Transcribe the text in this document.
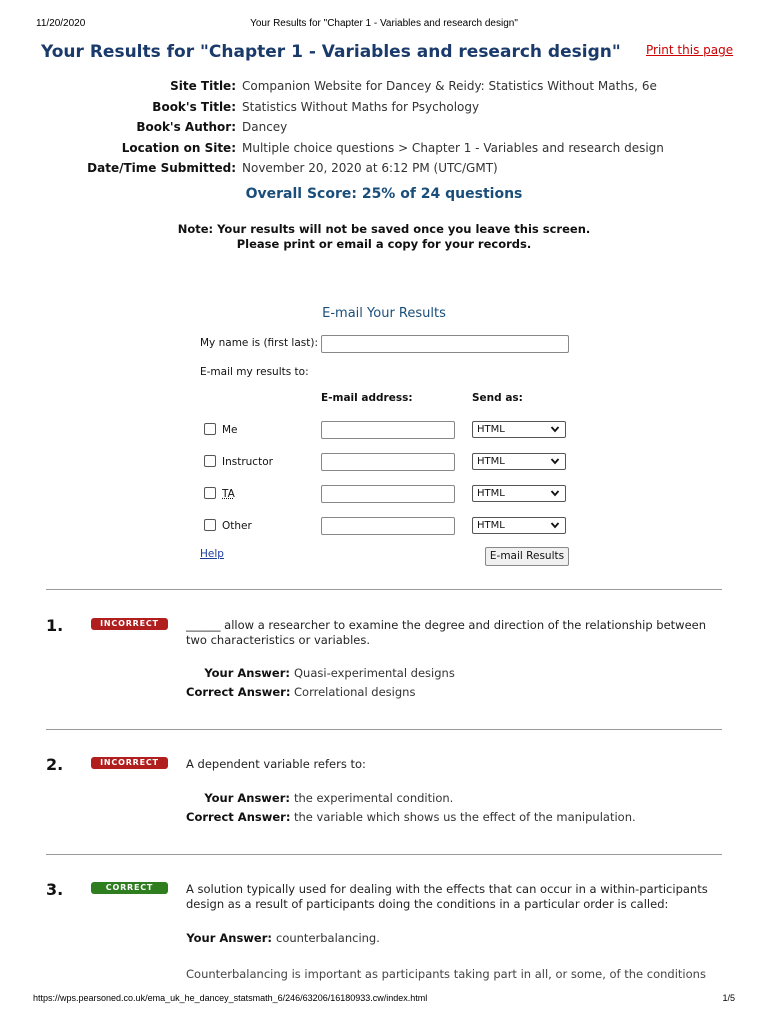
11/20/2020	Your Results for "Chapter 1 - Variables and research design"
Your Results for "Chapter 1 - Variables and research design" Print this page
Site Title: Companion Website for Dancey & Reidy: Statistics Without Maths, 6e
Book's Title: Statistics Without Maths for Psychology
Book's Author: Dancey
Location on Site: Multiple choice questions > Chapter 1 - Variables and research design
Date/Time Submitted: November 20, 2020 at 6:12 PM (UTC/GMT)
Overall Score: 25% of 24 questions
Note: Your results will not be saved once you leave this screen.
Please print or email a copy for your records.
E-mail Your Results
My name is (first last):
E-mail my results to:
E-mail address:	Send as:
Me	HTML
Instructor	HTML
TA	HTML
Other	HTML
Help	E-mail Results
1.	INCORRECT	______ allow a researcher to examine the degree and direction of the relationship between two characteristics or variables.
Your Answer: Quasi-experimental designs
Correct Answer: Correlational designs
2.	INCORRECT	A dependent variable refers to:
Your Answer: the experimental condition.
Correct Answer: the variable which shows us the effect of the manipulation.
3.	CORRECT	A solution typically used for dealing with the effects that can occur in a within-participants design as a result of participants doing the conditions in a particular order is called:
Your Answer: counterbalancing.
Counterbalancing is important as participants taking part in all, or some, of the conditions
https://wps.pearsoned.co.uk/ema_uk_he_dancey_statsmath_6/246/63206/16180933.cw/index.html	1/5
